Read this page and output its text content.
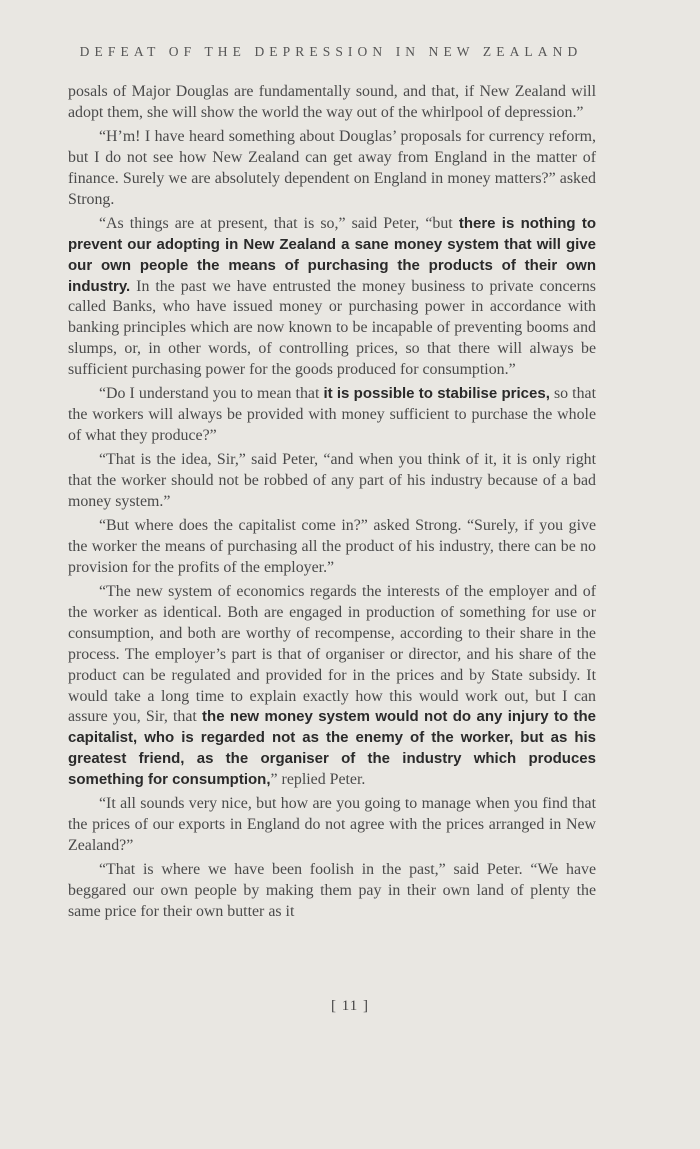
DEFEAT OF THE DEPRESSION IN NEW ZEALAND

posals of Major Douglas are fundamentally sound, and that, if New Zealand will adopt them, she will show the world the way out of the whirlpool of depression.”

“H’m! I have heard something about Douglas’ proposals for currency reform, but I do not see how New Zealand can get away from England in the matter of finance. Surely we are absolutely dependent on England in money matters?” asked Strong.

“As things are at present, that is so,” said Peter, “but there is nothing to prevent our adopting in New Zealand a sane money system that will give our own people the means of purchasing the products of their own industry. In the past we have entrusted the money business to private concerns called Banks, who have issued money or purchasing power in accordance with banking principles which are now known to be incapable of preventing booms and slumps, or, in other words, of controlling prices, so that there will always be sufficient purchasing power for the goods produced for consumption.”

“Do I understand you to mean that it is possible to stabilise prices, so that the workers will always be provided with money sufficient to purchase the whole of what they produce?”

“That is the idea, Sir,” said Peter, “and when you think of it, it is only right that the worker should not be robbed of any part of his industry because of a bad money system.”

“But where does the capitalist come in?” asked Strong. “Surely, if you give the worker the means of purchasing all the product of his industry, there can be no provision for the profits of the employer.”

“The new system of economics regards the interests of the employer and of the worker as identical. Both are engaged in production of something for use or consumption, and both are worthy of recompense, according to their share in the process. The employer’s part is that of organiser or director, and his share of the product can be regulated and provided for in the prices and by State subsidy. It would take a long time to explain exactly how this would work out, but I can assure you, Sir, that the new money system would not do any injury to the capitalist, who is regarded not as the enemy of the worker, but as his greatest friend, as the organiser of the industry which produces something for consumption,” replied Peter.

“It all sounds very nice, but how are you going to manage when you find that the prices of our exports in England do not agree with the prices arranged in New Zealand?”

“That is where we have been foolish in the past,” said Peter. “We have beggared our own people by making them pay in their own land of plenty the same price for their own butter as it

[ 11 ]
